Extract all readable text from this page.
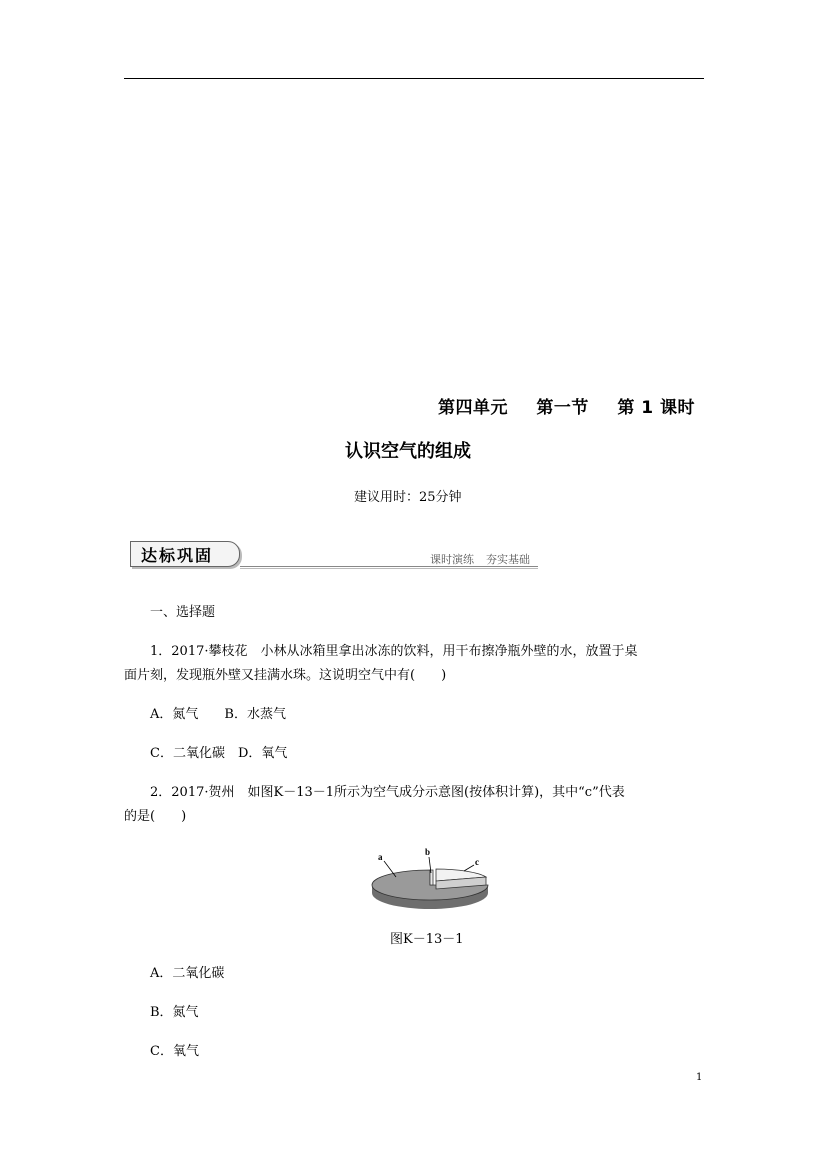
第四单元 第一节 第 1 课时
认识空气的组成
建议用时：25分钟
达标巩固	课时演练 夯实基础
一、选择题
1．2017·攀枝花　小林从冰箱里拿出冰冻的饮料，用干布擦净瓶外壁的水，放置于桌
面片刻，发现瓶外壁又挂满水珠。这说明空气中有(　　)
A．氮气　　B．水蒸气
C．二氧化碳　D．氧气
2．2017·贺州　如图K－13－1所示为空气成分示意图(按体积计算)，其中“c”代表
的是(　　)
a	b
c
图K－13－1
A．二氧化碳
B．氮气
C．氧气
1
